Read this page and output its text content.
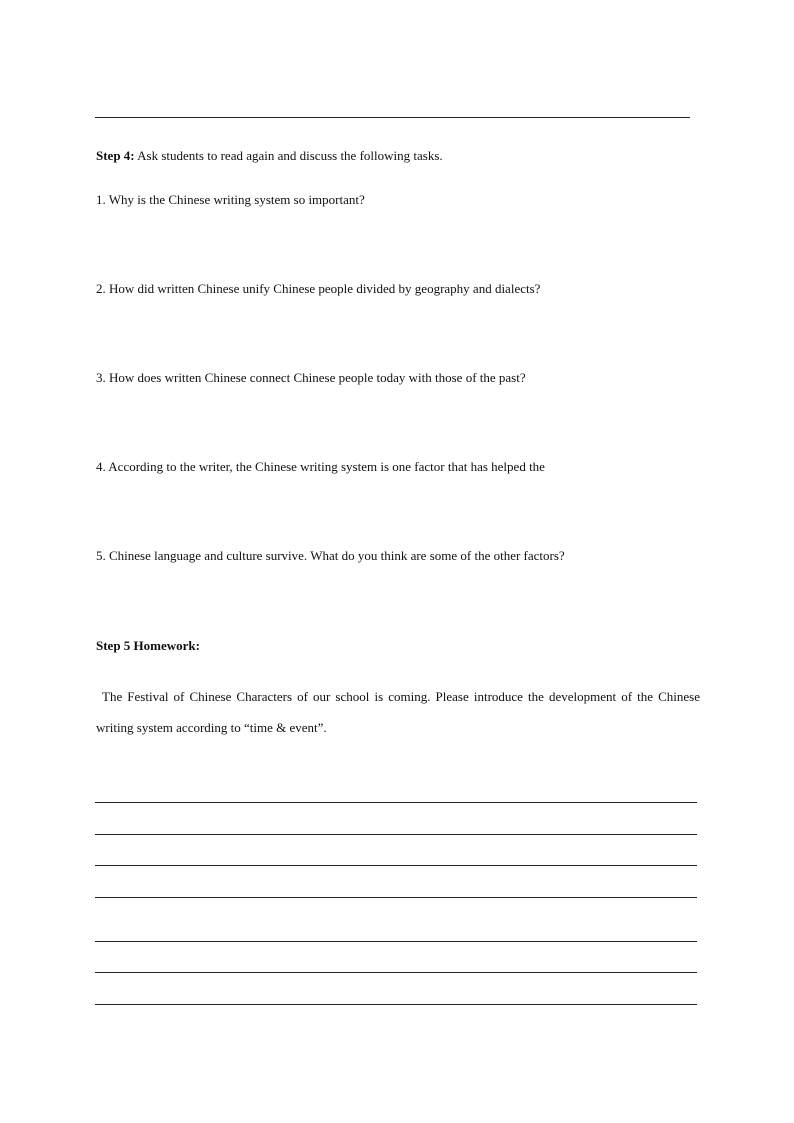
Step 4: Ask students to read again and discuss the following tasks.
1. Why is the Chinese writing system so important?
2. How did written Chinese unify Chinese people divided by geography and dialects?
3. How does written Chinese connect Chinese people today with those of the past?
4. According to the writer, the Chinese writing system is one factor that has helped the
5. Chinese language and culture survive. What do you think are some of the other factors?
Step 5 Homework:
The Festival of Chinese Characters of our school is coming. Please introduce the development of the Chinese writing system according to “time & event”.
